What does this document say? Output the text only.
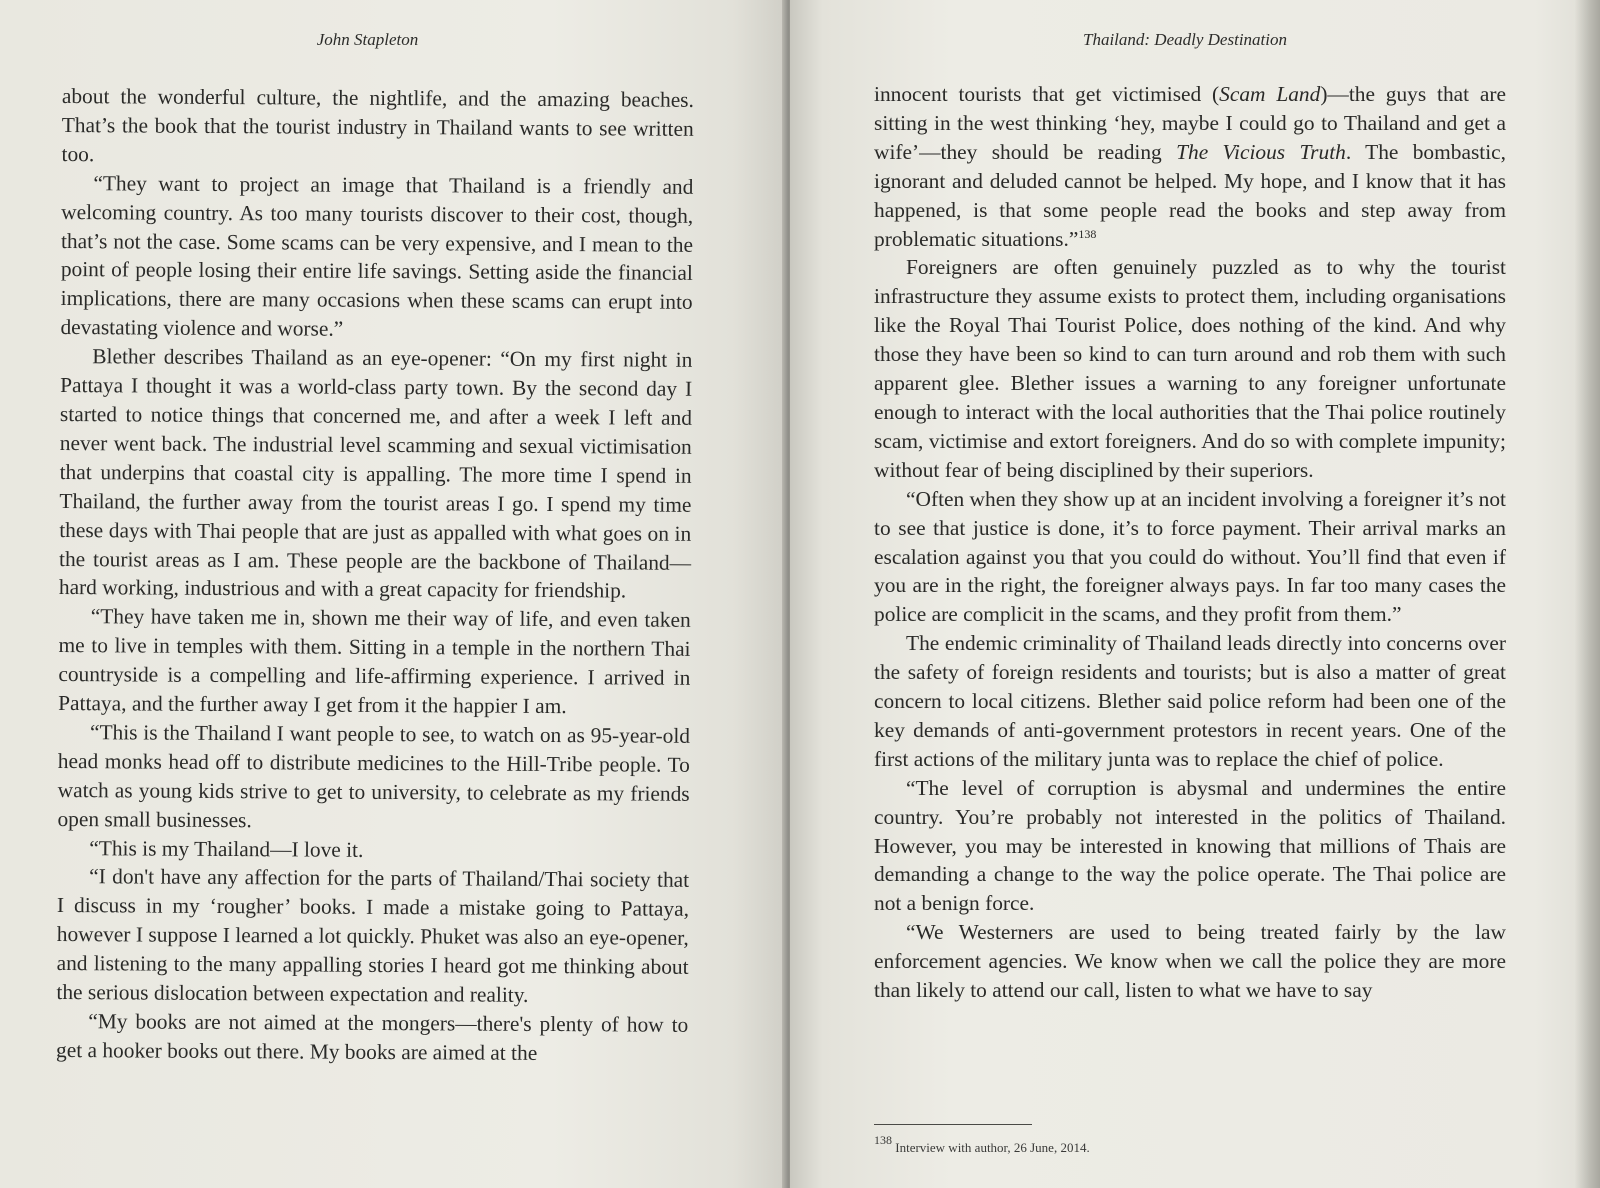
John Stapleton

about the wonderful culture, the nightlife, and the amazing beaches. That’s the book that the tourist industry in Thailand wants to see written too.

“They want to project an image that Thailand is a friendly and welcoming country. As too many tourists discover to their cost, though, that’s not the case. Some scams can be very expensive, and I mean to the point of people losing their entire life savings. Setting aside the financial implications, there are many occasions when these scams can erupt into devastating violence and worse.”

Blether describes Thailand as an eye-opener: “On my first night in Pattaya I thought it was a world-class party town. By the second day I started to notice things that concerned me, and after a week I left and never went back. The industrial level scamming and sexual victimisation that underpins that coastal city is appalling. The more time I spend in Thailand, the further away from the tourist areas I go. I spend my time these days with Thai people that are just as appalled with what goes on in the tourist areas as I am. These people are the backbone of Thailand—hard working, industrious and with a great capacity for friendship.

“They have taken me in, shown me their way of life, and even taken me to live in temples with them. Sitting in a temple in the northern Thai countryside is a compelling and life-affirming experience. I arrived in Pattaya, and the further away I get from it the happier I am.

“This is the Thailand I want people to see, to watch on as 95-year-old head monks head off to distribute medicines to the Hill-Tribe people. To watch as young kids strive to get to university, to celebrate as my friends open small businesses.

“This is my Thailand—I love it.

“I don't have any affection for the parts of Thailand/Thai society that I discuss in my ‘rougher’ books. I made a mistake going to Pattaya, however I suppose I learned a lot quickly. Phuket was also an eye-opener, and listening to the many appalling stories I heard got me thinking about the serious dislocation between expectation and reality.

“My books are not aimed at the mongers—there's plenty of how to get a hooker books out there. My books are aimed at the

Thailand: Deadly Destination

innocent tourists that get victimised (Scam Land)—the guys that are sitting in the west thinking ‘hey, maybe I could go to Thailand and get a wife’—they should be reading The Vicious Truth. The bombastic, ignorant and deluded cannot be helped. My hope, and I know that it has happened, is that some people read the books and step away from problematic situations.”$^{138}$

Foreigners are often genuinely puzzled as to why the tourist infrastructure they assume exists to protect them, including organisations like the Royal Thai Tourist Police, does nothing of the kind. And why those they have been so kind to can turn around and rob them with such apparent glee. Blether issues a warning to any foreigner unfortunate enough to interact with the local authorities that the Thai police routinely scam, victimise and extort foreigners. And do so with complete impunity; without fear of being disciplined by their superiors.

“Often when they show up at an incident involving a foreigner it’s not to see that justice is done, it’s to force payment. Their arrival marks an escalation against you that you could do without. You’ll find that even if you are in the right, the foreigner always pays. In far too many cases the police are complicit in the scams, and they profit from them.”

The endemic criminality of Thailand leads directly into concerns over the safety of foreign residents and tourists; but is also a matter of great concern to local citizens. Blether said police reform had been one of the key demands of anti-government protestors in recent years. One of the first actions of the military junta was to replace the chief of police.

“The level of corruption is abysmal and undermines the entire country. You’re probably not interested in the politics of Thailand. However, you may be interested in knowing that millions of Thais are demanding a change to the way the police operate. The Thai police are not a benign force.

“We Westerners are used to being treated fairly by the law enforcement agencies. We know when we call the police they are more than likely to attend our call, listen to what we have to say

$^{138}$ Interview with author, 26 June, 2014.
